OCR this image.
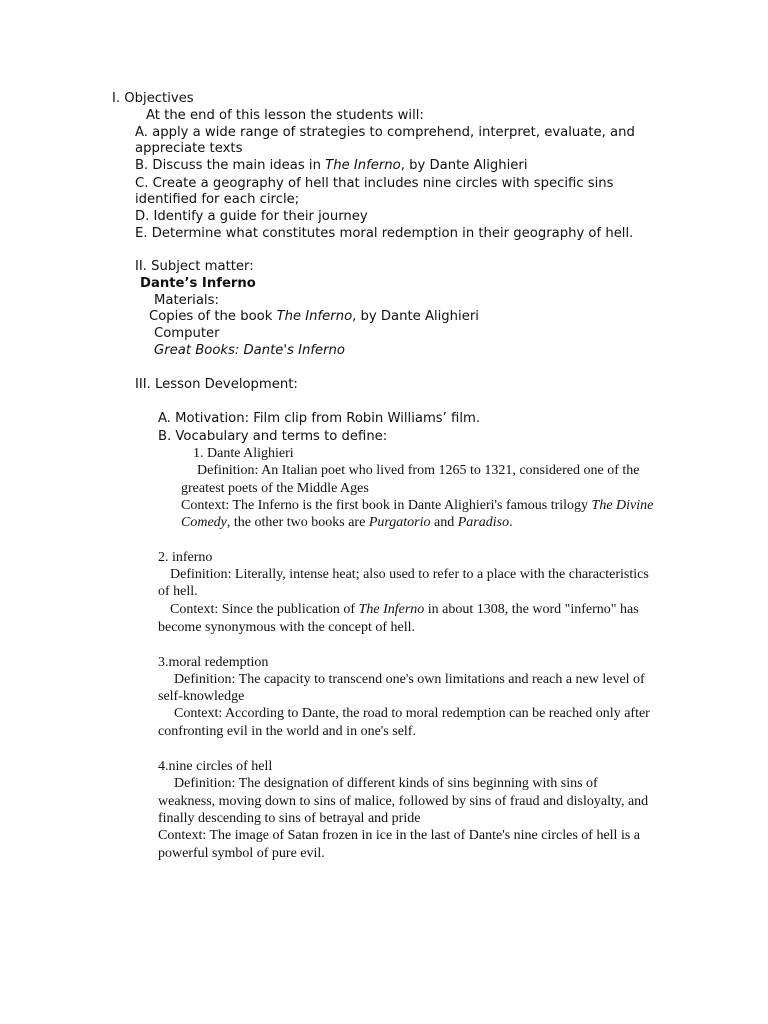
I. Objectives

At the end of this lesson the students will:

A. apply a wide range of strategies to comprehend, interpret, evaluate, and

appreciate texts

B. Discuss the main ideas in The Inferno, by Dante Alighieri

C. Create a geography of hell that includes nine circles with specific sins

identified for each circle;

D. Identify a guide for their journey

E. Determine what constitutes moral redemption in their geography of hell.

II. Subject matter:

Dante’s Inferno

Materials:

Copies of the book The Inferno, by Dante Alighieri

Computer

Great Books: Dante's Inferno

III. Lesson Development:

A. Motivation: Film clip from Robin Williams’ film.

B. Vocabulary and terms to define:

1. Dante Alighieri

Definition: An Italian poet who lived from 1265 to 1321, considered one of the

greatest poets of the Middle Ages

Context: The Inferno is the first book in Dante Alighieri's famous trilogy The Divine

Comedy, the other two books are Purgatorio and Paradiso.

2. inferno

Definition: Literally, intense heat; also used to refer to a place with the characteristics

of hell.

Context: Since the publication of The Inferno in about 1308, the word "inferno" has

become synonymous with the concept of hell.

3.moral redemption

Definition: The capacity to transcend one's own limitations and reach a new level of

self-knowledge

Context: According to Dante, the road to moral redemption can be reached only after

confronting evil in the world and in one's self.

4.nine circles of hell

Definition: The designation of different kinds of sins beginning with sins of

weakness, moving down to sins of malice, followed by sins of fraud and disloyalty, and

finally descending to sins of betrayal and pride

Context: The image of Satan frozen in ice in the last of Dante's nine circles of hell is a

powerful symbol of pure evil.
